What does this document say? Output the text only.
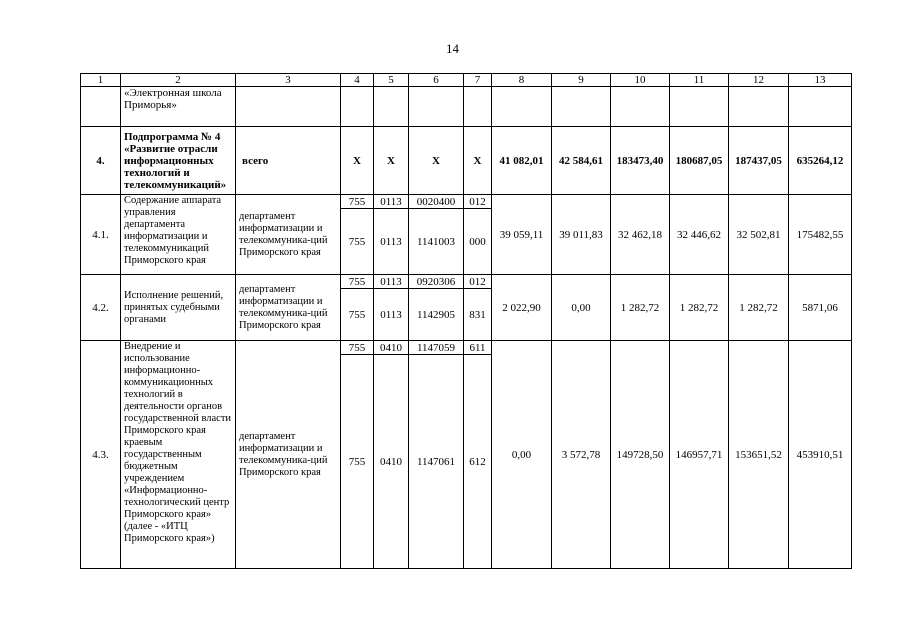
14
1	2	3	4	5	6	7	8	9	10	11	12	13
	«Электронная школа Приморья»											
4.	Подпрограмма № 4 «Развитие отрасли информационных технологий и телекоммуникаций»	всего	X	X	X	X	41 082,01	42 584,61	183473,40	180687,05	187437,05	635264,12
4.1.	Содержание аппарата управления департамента информатизации и телекоммуникаций Приморского края	департамент информатизации и телекоммуника-ций Приморского края	755	0113	0020400	012	39 059,11	39 011,83	32 462,18	32 446,62	32 502,81	175482,55
			755	0113	1141003	000						
4.2.	Исполнение решений, принятых судебными органами	департамент информатизации и телекоммуника-ций Приморского края	755	0113	0920306	012	2 022,90	0,00	1 282,72	1 282,72	1 282,72	5871,06
			755	0113	1142905	831						
4.3.	Внедрение и использование информационно-коммуникационных технологий в деятельности органов государственной власти Приморского края краевым государственным бюджетным учреждением «Информационно-технологический центр Приморского края» (далее - «ИТЦ Приморского края»)	департамент информатизации и телекоммуника-ций Приморского края	755	0410	1147059	611	0,00	3 572,78	149728,50	146957,71	153651,52	453910,51
			755	0410	1147061	612						
